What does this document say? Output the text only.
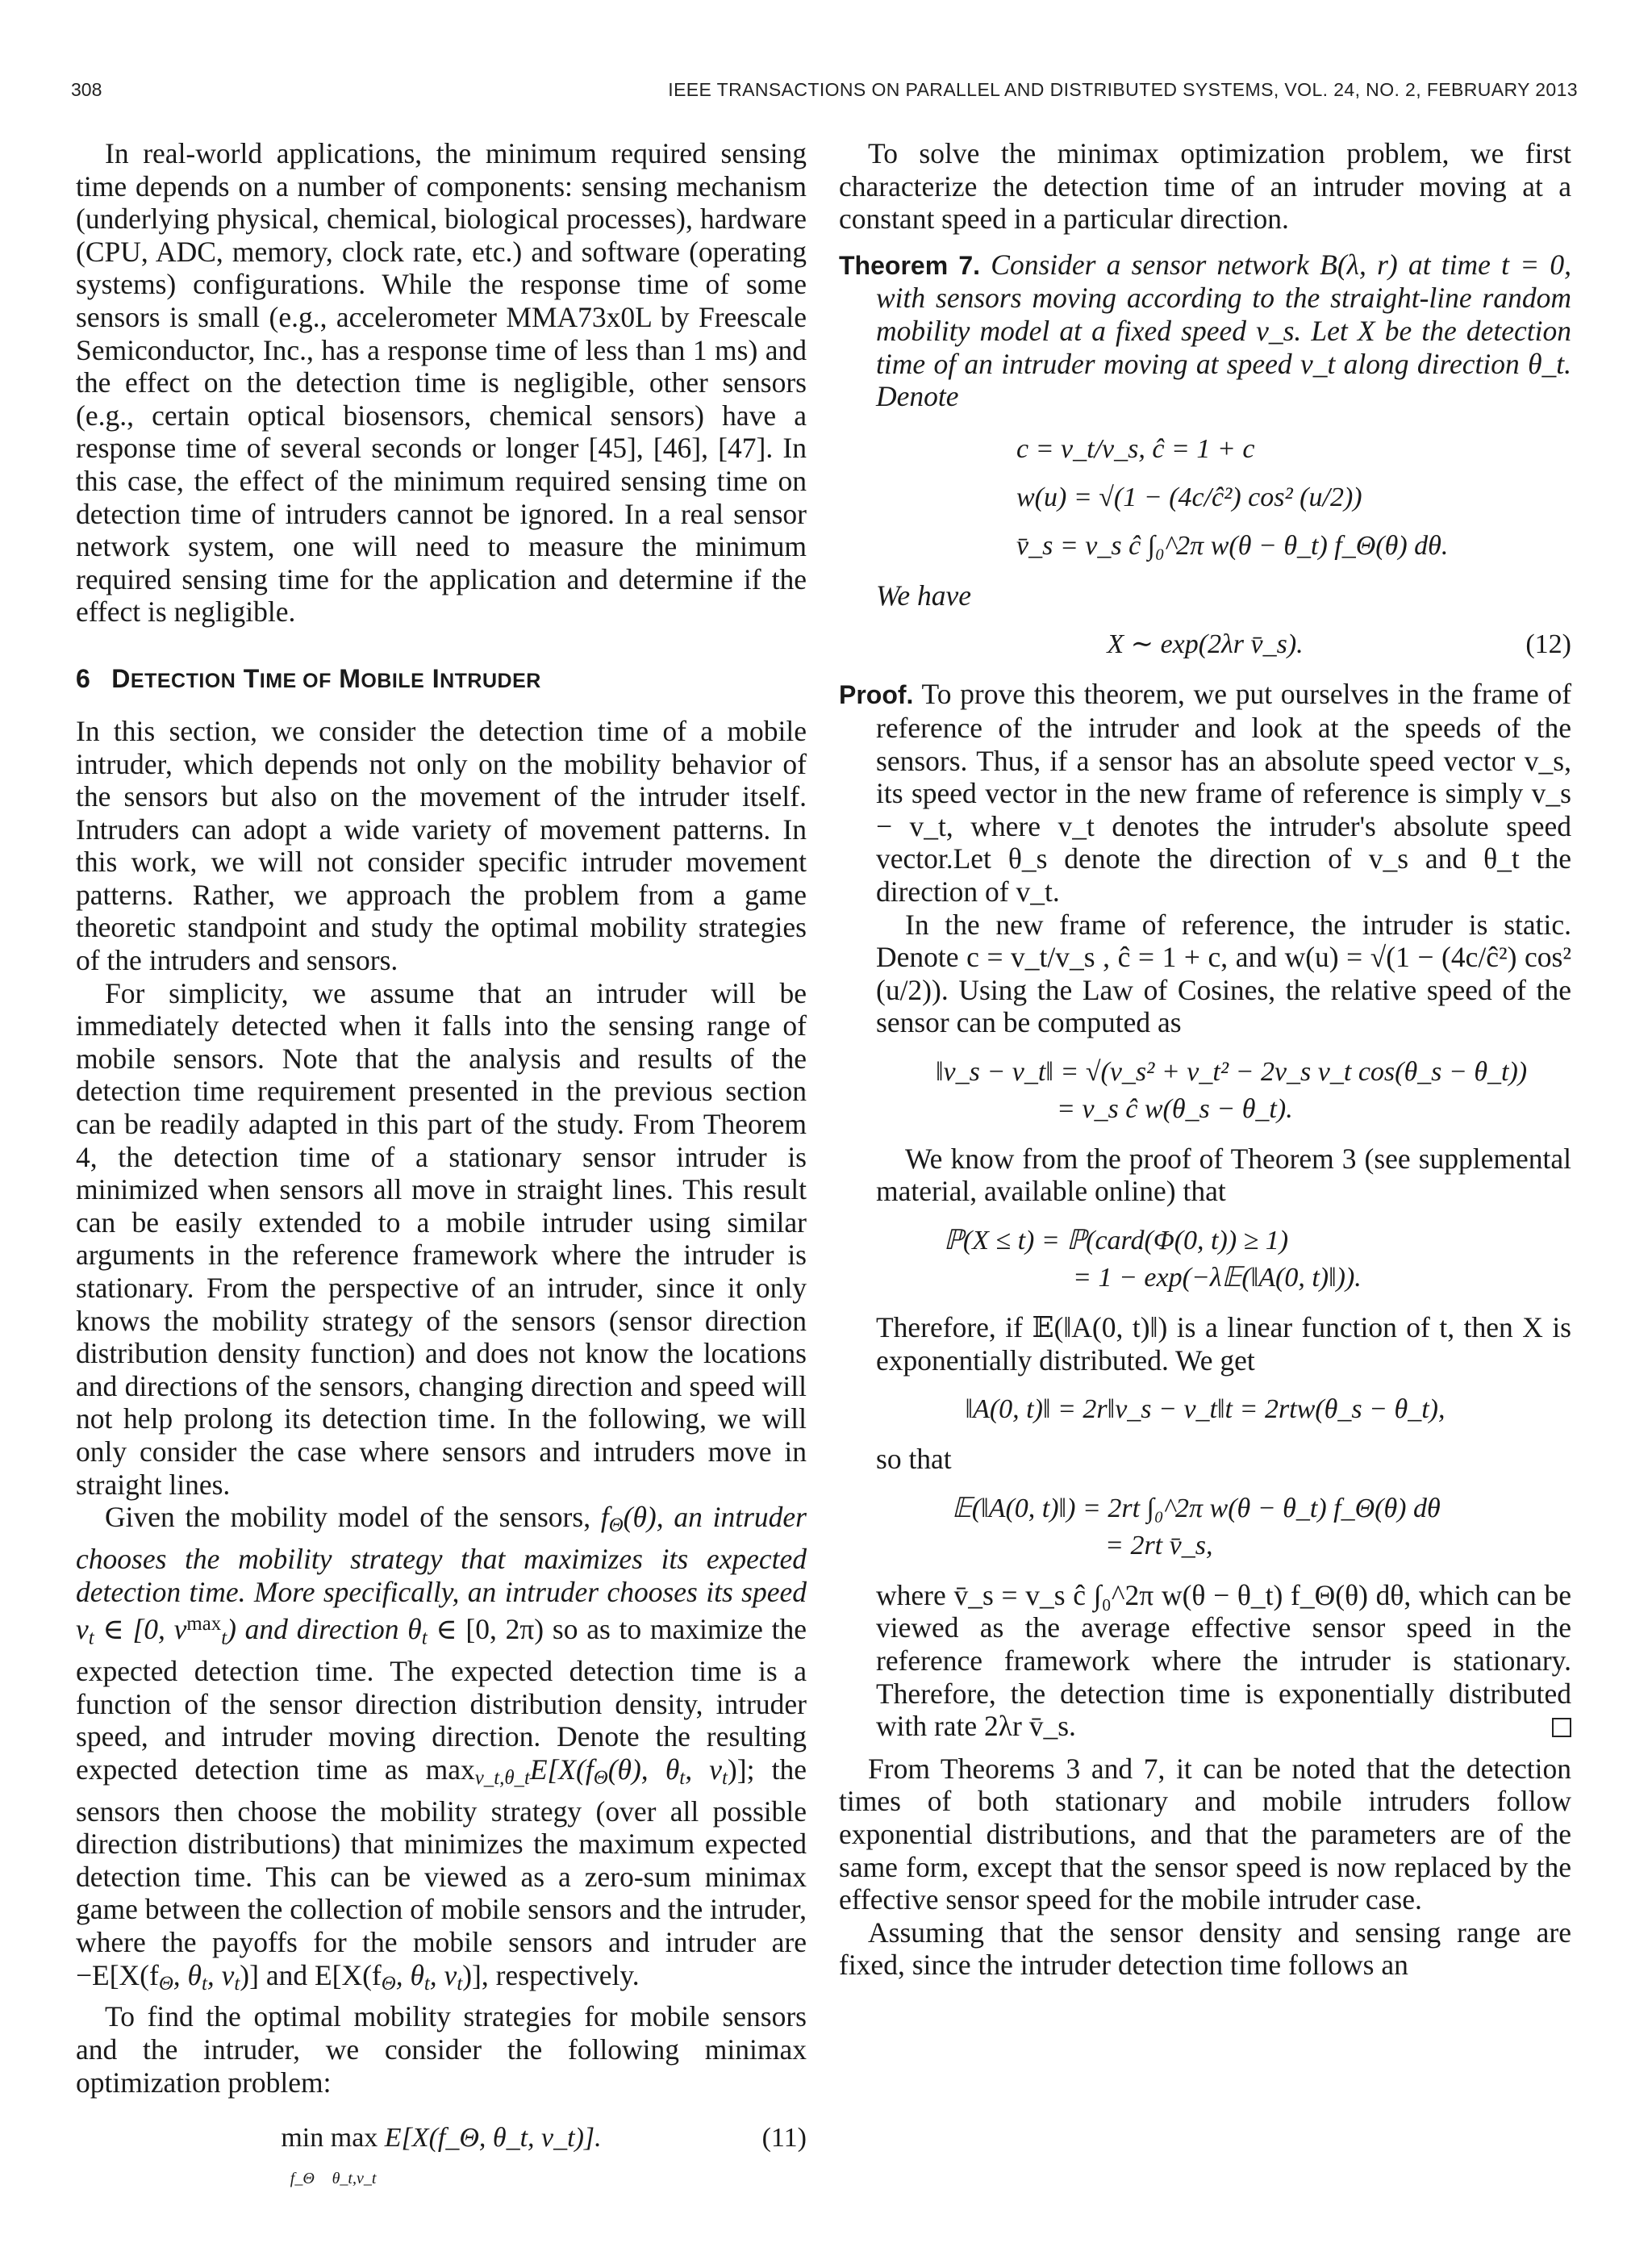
308	IEEE TRANSACTIONS ON PARALLEL AND DISTRIBUTED SYSTEMS, VOL. 24, NO. 2, FEBRUARY 2013

In real-world applications, the minimum required sensing time depends on a number of components: sensing mechanism (underlying physical, chemical, biological processes), hardware (CPU, ADC, memory, clock rate, etc.) and software (operating systems) configurations. While the response time of some sensors is small (e.g., accelerometer MMA73x0L by Freescale Semiconductor, Inc., has a response time of less than 1 ms) and the effect on the detection time is negligible, other sensors (e.g., certain optical biosensors, chemical sensors) have a response time of several seconds or longer [45], [46], [47]. In this case, the effect of the minimum required sensing time on detection time of intruders cannot be ignored. In a real sensor network system, one will need to measure the minimum required sensing time for the application and determine if the effect is negligible.

6 DETECTION TIME OF MOBILE INTRUDER

In this section, we consider the detection time of a mobile intruder, which depends not only on the mobility behavior of the sensors but also on the movement of the intruder itself. Intruders can adopt a wide variety of movement patterns. In this work, we will not consider specific intruder movement patterns. Rather, we approach the problem from a game theoretic standpoint and study the optimal mobility strategies of the intruders and sensors.

For simplicity, we assume that an intruder will be immediately detected when it falls into the sensing range of mobile sensors. Note that the analysis and results of the detection time requirement presented in the previous section can be readily adapted in this part of the study. From Theorem 4, the detection time of a stationary sensor intruder is minimized when sensors all move in straight lines. This result can be easily extended to a mobile intruder using similar arguments in the reference framework where the intruder is stationary. From the perspective of an intruder, since it only knows the mobility strategy of the sensors (sensor direction distribution density function) and does not know the locations and directions of the sensors, changing direction and speed will not help prolong its detection time. In the following, we will only consider the case where sensors and intruders move in straight lines.

Given the mobility model of the sensors, $f_\Theta(\theta)$, an intruder chooses the mobility strategy that maximizes its expected detection time. More specifically, an intruder chooses its speed $v_t$ ∈ [0, $v^{max}_t$) and direction $\theta_t$ ∈ [0, 2π) so as to maximize the expected detection time. The expected detection time is a function of the sensor direction distribution density, intruder speed, and intruder moving direction. Denote the resulting expected detection time as $\max_{v\_t,\theta\_t}E[X(f_\Theta(\theta)$, $\theta_t$, $v_t$)]; the sensors then choose the mobility strategy (over all possible direction distributions) that minimizes the maximum expected detection time. This can be viewed as a zero-sum minimax game between the collection of mobile sensors and the intruder, where the payoffs for the mobile sensors and intruder are $-E[X(f_\Theta$, $\theta_t$, $v_t$)] and $E[X(f_\Theta$, $\theta_t$, $v_t$)], respectively.

To find the optimal mobility strategies for mobile sensors and the intruder, we consider the following minimax optimization problem:

min
f_Θ max
θ_t,v_t E[X(f_Θ, θ_t, v_t)].	(11)

To solve the minimax optimization problem, we first characterize the detection time of an intruder moving at a constant speed in a particular direction.

Theorem 7. Consider a sensor network B(λ, r) at time t = 0, with sensors moving according to the straight-line random mobility model at a fixed speed v_s. Let X be the detection time of an intruder moving at speed v_t along direction θ_t. Denote

c = v_t/v_s, ĉ = 1 + c
w(u) = √(1 − (4c/ĉ²) cos² (u/2))
v̄_s = v_s ĉ ∫₀^2π w(θ − θ_t) f_Θ(θ) dθ.

We have

X ∼ exp(2λr v̄_s).	(12)

Proof. To prove this theorem, we put ourselves in the frame of reference of the intruder and look at the speeds of the sensors. Thus, if a sensor has an absolute speed vector v_s, its speed vector in the new frame of reference is simply v_s − v_t, where v_t denotes the intruder's absolute speed vector.Let θ_s denote the direction of v_s and θ_t the direction of v_t.

In the new frame of reference, the intruder is static. Denote c = v_t/v_s , ĉ = 1 + c, and w(u) = √(1 − (4c/ĉ²) cos² (u/2)). Using the Law of Cosines, the relative speed of the sensor can be computed as

‖v_s − v_t‖ = √(v_s² + v_t² − 2v_s v_t cos(θ_s − θ_t))
= v_s ĉ w(θ_s − θ_t).

We know from the proof of Theorem 3 (see supplemental material, available online) that

ℙ(X ≤ t) = ℙ(card(Φ(0, t)) ≥ 1)
= 1 − exp(−λ𝔼(‖A(0, t)‖)).

Therefore, if 𝔼(‖A(0, t)‖) is a linear function of t, then X is exponentially distributed. We get

‖A(0, t)‖ = 2r‖v_s − v_t‖t = 2rtw(θ_s − θ_t),

so that

𝔼(‖A(0, t)‖) = 2rt ∫₀^2π w(θ − θ_t) f_Θ(θ) dθ
= 2rt v̄_s,

where v̄_s = v_s ĉ ∫₀^2π w(θ − θ_t) f_Θ(θ) dθ, which can be viewed as the average effective sensor speed in the reference framework where the intruder is stationary. Therefore, the detection time is exponentially distributed with rate 2λr v̄_s.

From Theorems 3 and 7, it can be noted that the detection times of both stationary and mobile intruders follow exponential distributions, and that the parameters are of the same form, except that the sensor speed is now replaced by the effective sensor speed for the mobile intruder case.

Assuming that the sensor density and sensing range are fixed, since the intruder detection time follows an
